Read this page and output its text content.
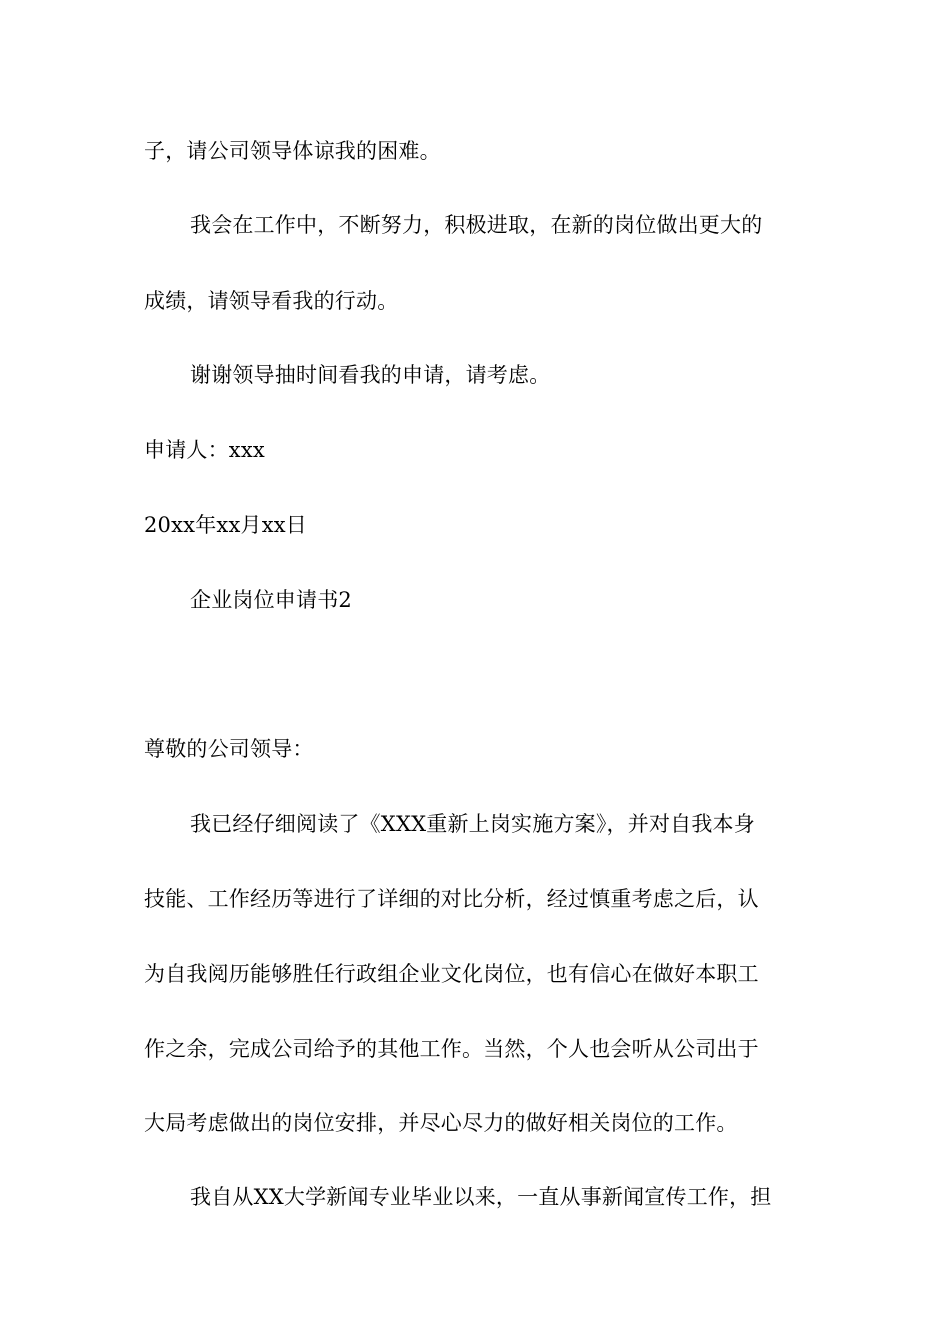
子，请公司领导体谅我的困难。
我会在工作中，不断努力，积极进取，在新的岗位做出更大的
成绩，请领导看我的行动。
谢谢领导抽时间看我的申请，请考虑。
申请人：xxx
20xx年xx月xx日
企业岗位申请书2
尊敬的公司领导：
我已经仔细阅读了《XXX重新上岗实施方案》，并对自我本身
技能、工作经历等进行了详细的对比分析，经过慎重考虑之后，认
为自我阅历能够胜任行政组企业文化岗位，也有信心在做好本职工
作之余，完成公司给予的其他工作。当然，个人也会听从公司出于
大局考虑做出的岗位安排，并尽心尽力的做好相关岗位的工作。
我自从XX大学新闻专业毕业以来，一直从事新闻宣传工作，担
